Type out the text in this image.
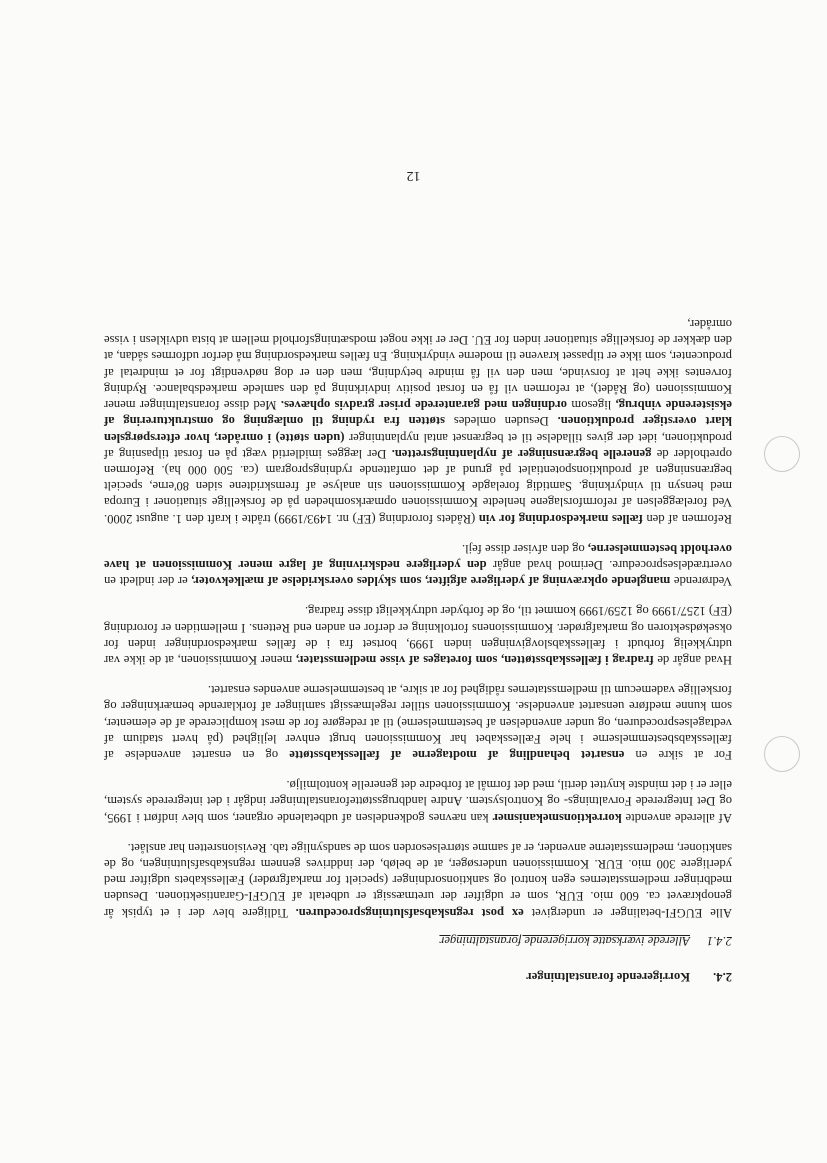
2.4.
Korrigerende foranstaltninger
2.4.1
Allerede iværksatte korrigerende foranstaltninger

Alle EUGFI-betalinger er undergivet ex post regnskabsafslutningsproceduren. Tidligere blev der i et typisk år genopkrævet ca. 600 mio. EUR, som er udgifter der uretmæssigt er udbetalt af EUGFI-Garantisektionen. Desuden medbringer medlemsstaternes egen kontrol og sanktionsordninger (specielt for markafgrøder) Fællesskabets udgifter med yderligere 300 mio. EUR. Kommissionen undersøger, at de beløb, der inddrives gennem regnskabsafslutningen, og de sanktioner, medlemsstaterne anvender, er af samme størrelsesorden som de sandsynlige tab. Revisionsretten har anslået.

Af allerede anvendte korrektionsmekanismer kan nævnes godkendelsen af udbetalende organer, som blev indført i 1995, og Det Integrerede Forvaltnings- og Kontrolsystem. Andre landbrugsstøtteforanstaltninger indgår i det integrerede system, eller er i det mindste knyttet dertil, med det formål at forbedre det generelle kontolmiljø.

For at sikre en ensartet behandling af modtagerne af fællesskabsstøtte og en ensartet anvendelse af fællesskabsbestemmelserne i hele Fællesskabet har Kommissionen brugt enhver lejlighed (på hvert stadium af vedtagelsesproceduren, og under anvendelsen af bestemmelserne) til at redegøre for de mest komplicerede af de elementer, som kunne medføre uensartet anvendelse. Kommissionen stiller regelmæssigt samlinger af forklarende bemærkninger og forskellige vademecum til medlemsstaternes rådighed for at sikre, at bestemmelserne anvendes ensartet.

Hvad angår de fradrag i fællesskabsstøtten, som foretages af visse medlemsstater, mener Kommissionen, at de ikke var udtrykkelig forbudt i fællesskabslovgivningen inden 1999, bortset fra i de fælles markedsordninger inden for oksekødsektoren og markafgrøder. Kommissionens fortolkning er derfor en anden end Rettens. I mellemtiden er forordning (EF) 1257/1999 og 1259/1999 kommet til, og de forbyder udtrykkeligt disse fradrag.

Vedrørende manglende opkrævning af yderligere afgifter, som skyldes overskridelse af mælkekvoter, er der indledt en overtrædelsesprocedure. Derimod hvad angår den yderligere nedskrivning af lagre mener Kommissionen at have overholdt bestemmelserne, og den afviser disse fejl.

Reformen af den fælles markedsordning for vin (Rådets forordning (EF) nr. 1493/1999) trådte i kraft den 1. august 2000. Ved forelæggelsen af reformforslagene henledte Kommissionen opmærksomheden på de forskellige situationer i Europa med hensyn til vindyrkning. Samtidig forelagde Kommissionen sin analyse af fremskridtene siden 80'erne, specielt begrænsningen af produktionspotentialet på grund af det omfattende rydningsprogram (ca. 500 000 ha). Reformen opretholder de generelle begrænsninger af nyplantningsretten. Der lægges imidlertid vægt på en forsat tilpasning af produktionen, idet der gives tilladelse til et begrænset antal nyplantninger (uden støtte) i områder, hvor efterspørgslen klart overstiger produktionen. Desuden omledes støtten fra rydning til omlægning og omstrukturering af eksisterende vinbrug, ligesom ordningen med garanterede priser gradvis ophæves. Med disse foranstaltninger mener Kommissionen (og Rådet), at reformen vil få en forsat positiv indvirkning på den samlede markedsbalance. Rydning forventes ikke helt at forsvinde, men den vil få mindre betydning, men den er dog nødvendigt for et mindretal af producenter, som ikke er tilpasset kravene til moderne vindyrkning. En fælles markedsordning må derfor udformes sådan, at den dækker de forskellige situationer inden for EU. Der er ikke noget modsætningsforhold mellem at bista udviklesn i visse områder,

12
